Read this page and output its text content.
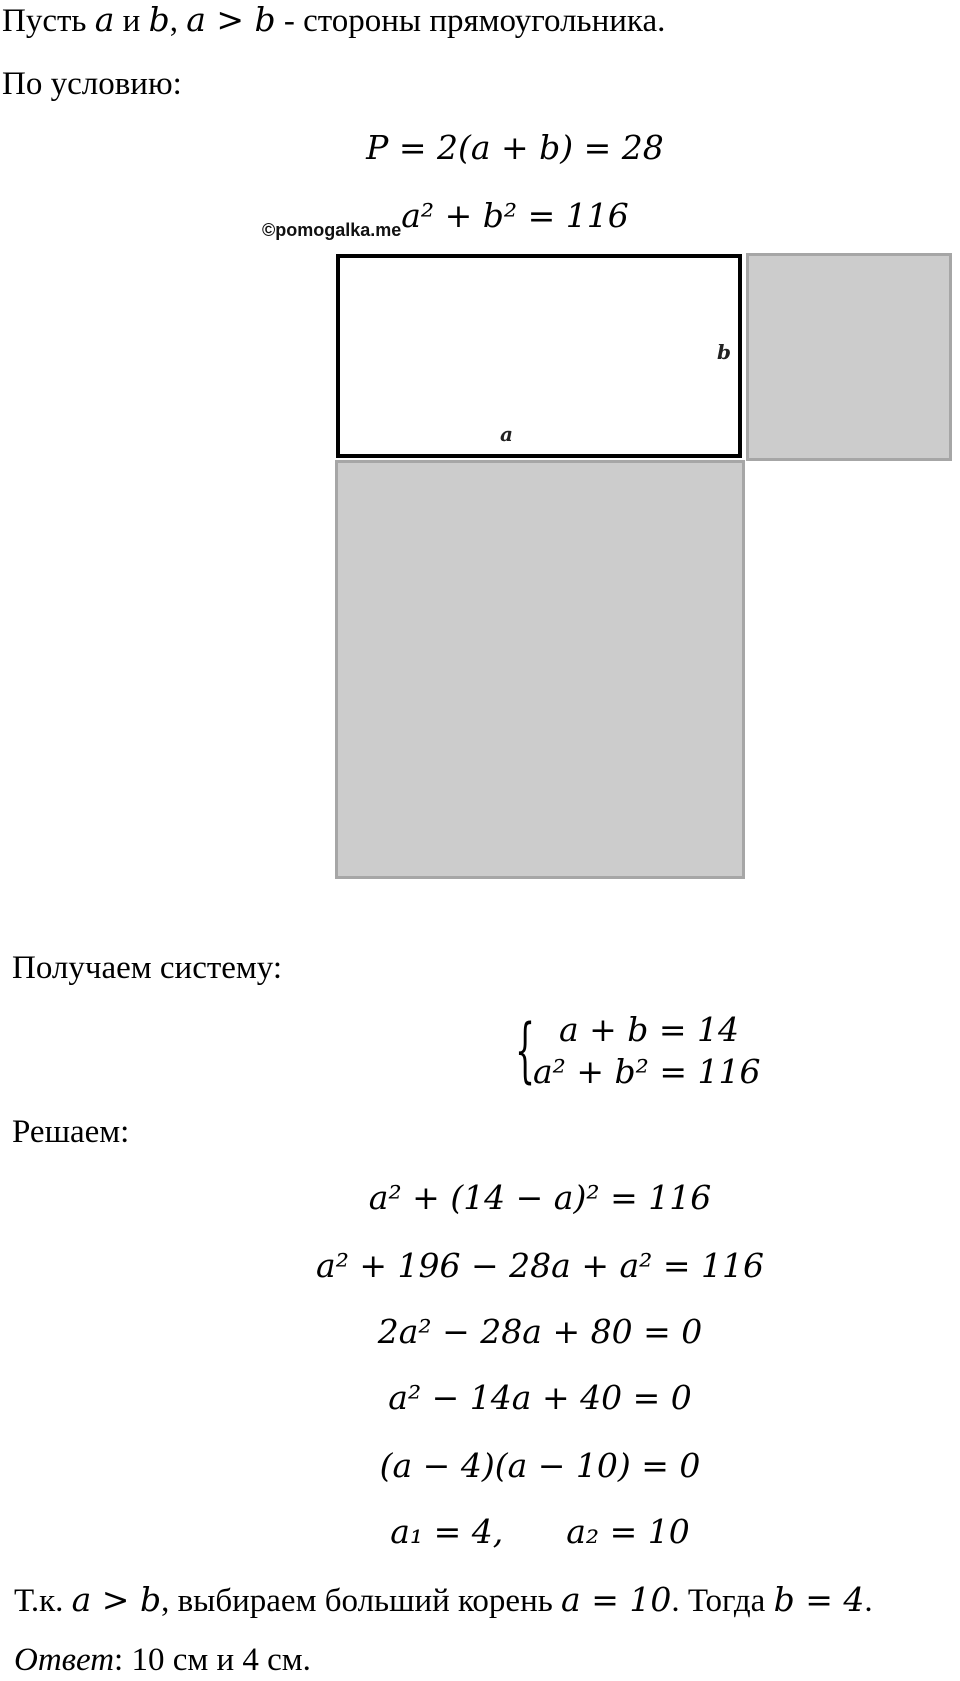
Пусть a и b, a > b - стороны прямоугольника.
По условию:
P = 2(a + b) = 28
a² + b² = 116
©pomogalka.me
b
a
Получаем систему:
{ a + b = 14
a² + b² = 116
Решаем:
a² + (14 − a)² = 116
a² + 196 − 28a + a² = 116
2a² − 28a + 80 = 0
a² − 14a + 40 = 0
(a − 4)(a − 10) = 0
a₁ = 4,      a₂ = 10
Т.к. a > b, выбираем больший корень a = 10. Тогда b = 4.
Ответ: 10 см и 4 см.
